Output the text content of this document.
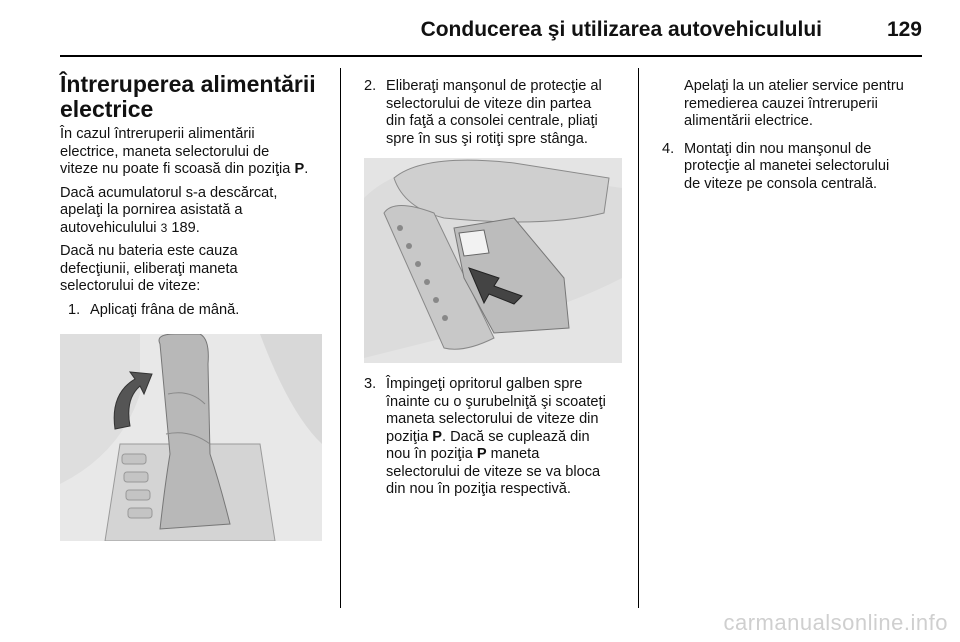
Conducerea şi utilizarea autovehiculului	129
Întreruperea alimentării
electrice

În cazul întreruperii alimentării
electrice, maneta selectorului de
viteze nu poate fi scoasă din poziţia P.

Dacă acumulatorul s-a descărcat,
apelaţi la pornirea asistată a
autovehiculului 3 189.

Dacă nu bateria este cauza
defecţiunii, eliberaţi maneta
selectorului de viteze:

1. Aplicaţi frâna de mână.
2. Eliberaţi manşonul de protecţie al
selectorului de viteze din partea
din faţă a consolei centrale, pliaţi
spre în sus şi rotiţi spre stânga.
3. Împingeţi opritorul galben spre
înainte cu o şurubelniţă şi scoateţi
maneta selectorului de viteze din
poziţia P. Dacă se cuplează din
nou în poziţia P maneta
selectorului de viteze se va bloca
din nou în poziţia respectivă.
Apelaţi la un atelier service pentru
remedierea cauzei întreruperii
alimentării electrice.
4. Montaţi din nou manşonul de
protecţie al manetei selectorului
de viteze pe consola centrală.
carmanualsonline.info
